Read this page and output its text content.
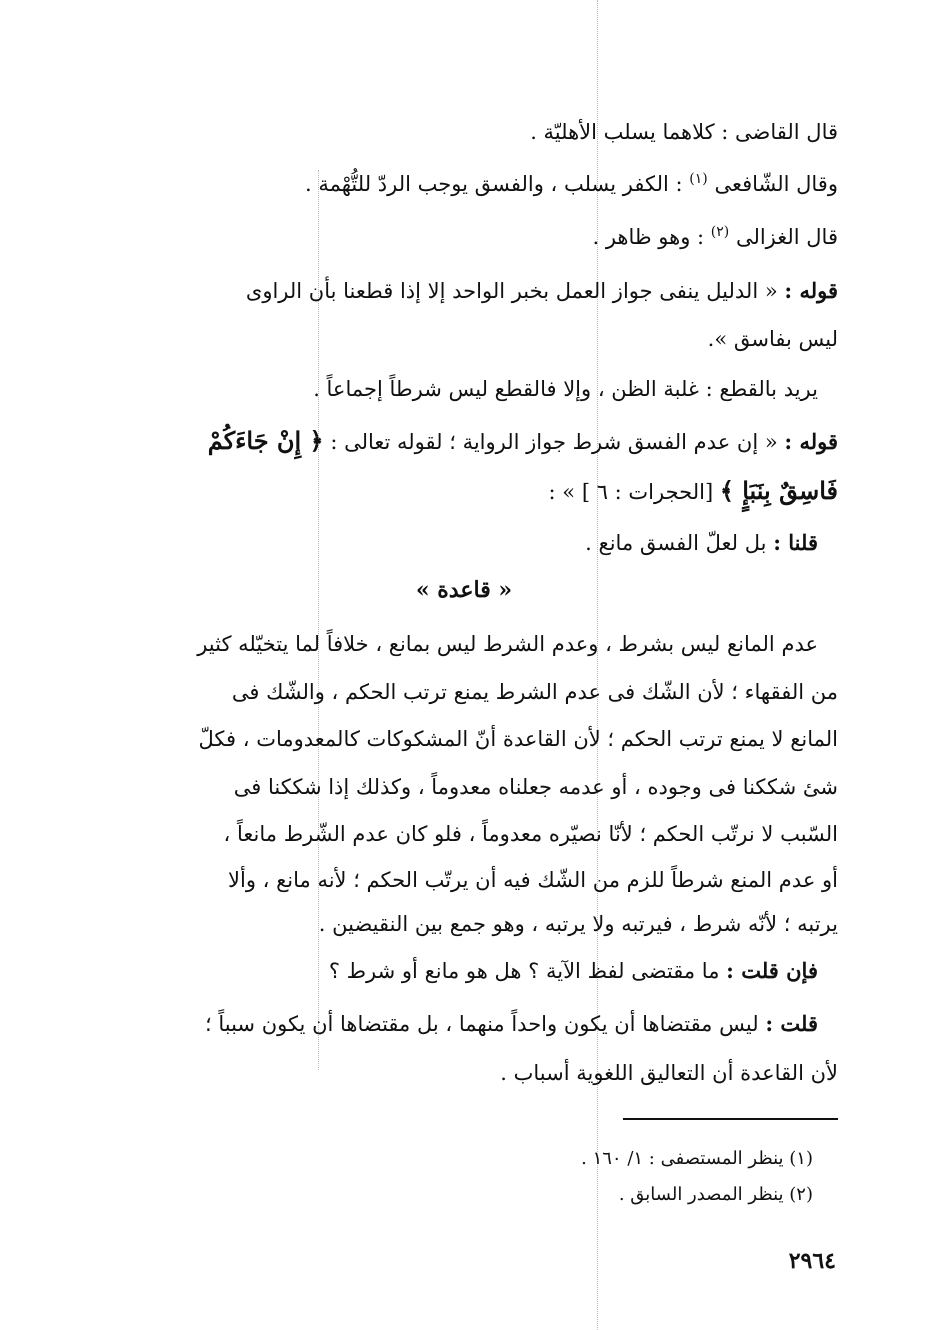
قال القاضى : كلاهما يسلب الأهليّة .
وقال الشّافعى $^{(١)}$ : الكفر يسلب ، والفسق يوجب الردّ للتُّهْمة .
قال الغزالى $^{(٢)}$ : وهو ظاهر .
قوله : « الدليل ينفى جواز العمل بخبر الواحد إلا إذا قطعنا بأن الراوى
ليس بفاسق ».
يريد بالقطع : غلبة الظن ، وإلا فالقطع ليس شرطاً إجماعاً .
قوله : « إن عدم الفسق شرط جواز الرواية ؛ لقوله تعالى : ﴿ إِنْ جَاءَكُمْ
فَاسِقٌ بِنَبَإٍ ﴾ [الحجرات : ٦ ] » :
قلنا : بل لعلّ الفسق مانع .
« قاعدة »
عدم المانع ليس بشرط ، وعدم الشرط ليس بمانع ، خلافاً لما يتخيّله كثير
من الفقهاء ؛ لأن الشّك فى عدم الشرط يمنع ترتب الحكم ، والشّك فى
المانع لا يمنع ترتب الحكم ؛ لأن القاعدة أنّ المشكوكات كالمعدومات ، فكلّ
شئ شككنا فى وجوده ، أو عدمه جعلناه معدوماً ، وكذلك إذا شككنا فى
السّبب لا نرتّب الحكم ؛ لأنّا نصيّره معدوماً ، فلو كان عدم الشّرط مانعاً ،
أو عدم المنع شرطاً للزم من الشّك فيه أن يرتّب الحكم ؛ لأنه مانع ، وألا
يرتبه ؛ لأنّه شرط ، فيرتبه ولا يرتبه ، وهو جمع بين النقيضين .
فإن قلت : ما مقتضى لفظ الآية ؟ هل هو مانع أو شرط ؟
قلت : ليس مقتضاها أن يكون واحداً منهما ، بل مقتضاها أن يكون سبباً ؛
لأن القاعدة أن التعاليق اللغوية أسباب .
(١) ينظر المستصفى : ١/ ١٦٠ .
(٢) ينظر المصدر السابق .
٢٩٦٤
